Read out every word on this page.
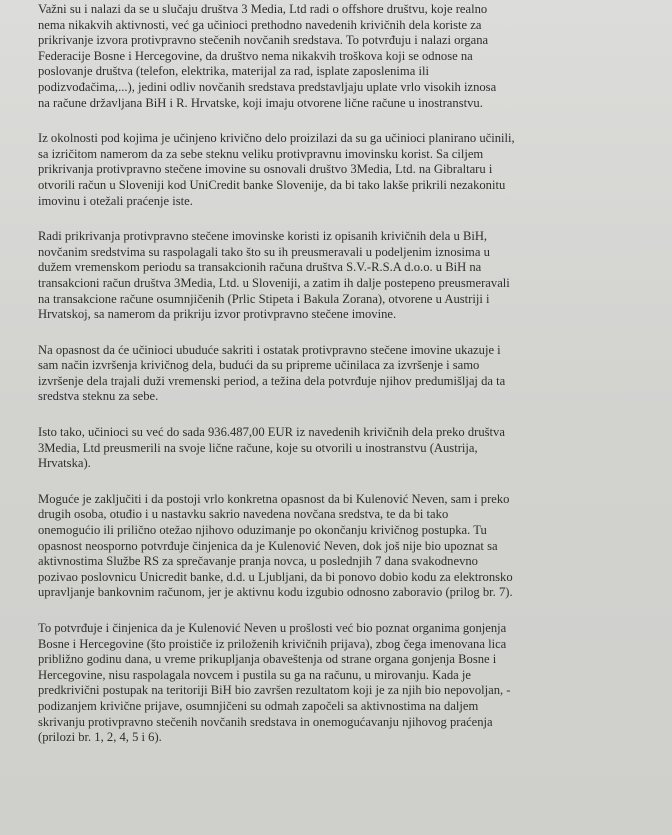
Važni su i nalazi da se u slučaju društva 3 Media, Ltd radi o offshore društvu, koje realno
nema nikakvih aktivnosti, već ga učinioci prethodno navedenih krivičnih dela koriste za
prikrivanje izvora protivpravno stečenih novčanih sredstava. To potvrđuju i nalazi organa
Federacije Bosne i Hercegovine, da društvo nema nikakvih troškova koji se odnose na
poslovanje društva (telefon, elektrika, materijal za rad, isplate zaposlenima ili
podizvođačima,...), jedini odliv novčanih sredstava predstavljaju uplate vrlo visokih iznosa
na račune državljana BiH i R. Hrvatske, koji imaju otvorene lične račune u inostranstvu.
Iz okolnosti pod kojima je učinjeno krivično delo proizilazi da su ga učinioci planirano učinili,
sa izričitom namerom da za sebe steknu veliku protivpravnu imovinsku korist. Sa ciljem
prikrivanja protivpravno stečene imovine su osnovali društvo 3Media, Ltd. na Gibraltaru i
otvorili račun u Sloveniji kod UniCredit banke Slovenije, da bi tako lakše prikrili nezakonitu
imovinu i otežali praćenje iste.
Radi prikrivanja protivpravno stečene imovinske koristi iz opisanih krivičnih dela u BiH,
novčanim sredstvima su raspolagali tako što su ih preusmeravali u podeljenim iznosima u
dužem vremenskom periodu sa transakcionih računa društva S.V.-R.S.A d.o.o. u BiH na
transakcioni račun društva 3Media, Ltd. u Sloveniji, a zatim ih dalje postepeno preusmeravali
na transakcione račune osumnjičenih (Prlic Stipeta i Bakula Zorana), otvorene u Austriji i
Hrvatskoj, sa namerom da prikriju izvor protivpravno stečene imovine.
Na opasnost da će učinioci ubuduće sakriti i ostatak protivpravno stečene imovine ukazuje i
sam način izvršenja krivičnog dela, budući da su pripreme učinilaca za izvršenje i samo
izvršenje dela trajali duži vremenski period, a težina dela potvrđuje njihov predumišljaj da ta
sredstva steknu za sebe.
Isto tako, učinioci su već do sada 936.487,00 EUR iz navedenih krivičnih dela preko društva
3Media, Ltd preusmerili na svoje lične račune, koje su otvorili u inostranstvu (Austrija,
Hrvatska).
Moguće je zaključiti i da postoji vrlo konkretna opasnost da bi Kulenović Neven, sam i preko
drugih osoba, otuđio i u nastavku sakrio navedena novčana sredstva, te da bi tako
onemogućio ili prilično otežao njihovo oduzimanje po okončanju krivičnog postupka. Tu
opasnost neosporno potvrđuje činjenica da je Kulenović Neven, dok još nije bio upoznat sa
aktivnostima Službe RS za sprečavanje pranja novca, u poslednjih 7 dana svakodnevno
pozivao poslovnicu Unicredit banke, d.d. u Ljubljani, da bi ponovo dobio kodu za elektronsko
upravljanje bankovnim računom, jer je aktivnu kodu izgubio odnosno zaboravio (prilog br. 7).
To potvrđuje i činjenica da je Kulenović Neven u prošlosti već bio poznat organima gonjenja
Bosne i Hercegovine (što proističe iz priloženih krivičnih prijava), zbog čega imenovana lica
približno godinu dana, u vreme prikupljanja obaveštenja od strane organa gonjenja Bosne i
Hercegovine, nisu raspolagala novcem i pustila su ga na računu, u mirovanju. Kada je
predkrivični postupak na teritoriji BiH bio završen rezultatom koji je za njih bio nepovoljan, -
podizanjem krivične prijave, osumnjičeni su odmah započeli sa aktivnostima na daljem
skrivanju protivpravno stečenih novčanih sredstava in onemogućavanju njihovog praćenja
(prilozi br. 1, 2, 4, 5 i 6).
